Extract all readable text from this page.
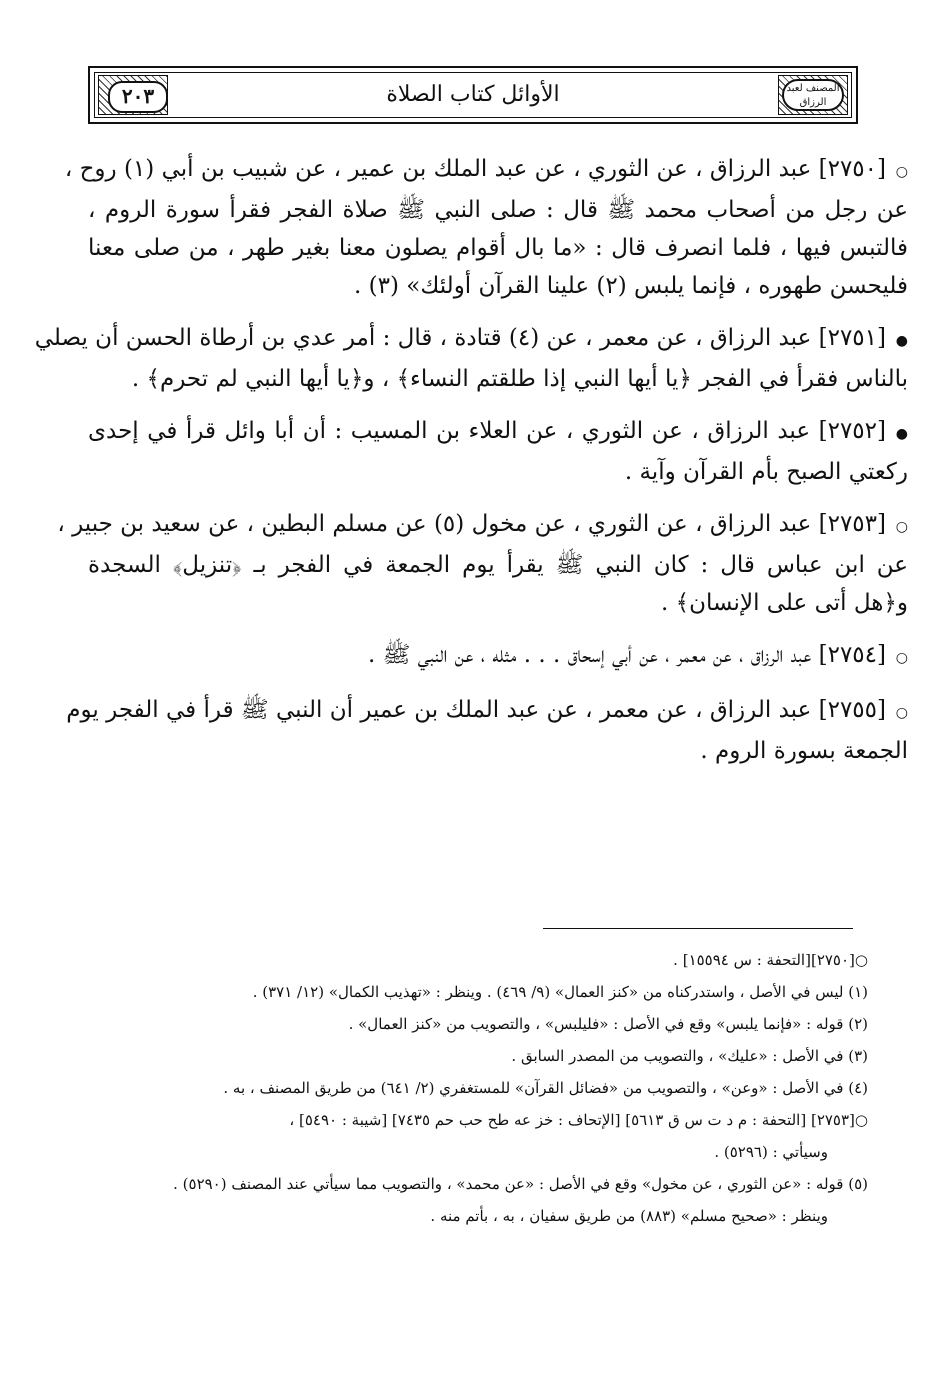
٢٠٣	الأوائل كتاب الصلاة	المصنف لعبد الرزاق
○[٢٧٥٠] عبد الرزاق ، عن الثوري ، عن عبد الملك بن عمير ، عن شبيب بن أبي (١) روح ،
عن رجل من أصحاب محمد ﷺ قال : صلى النبي ﷺ صلاة الفجر فقرأ سورة الروم ،
فالتبس فيها ، فلما انصرف قال : «ما بال أقوام يصلون معنا بغير طهر ، من صلى معنا
فليحسن طهوره ، فإنما يلبس (٢) علينا القرآن أولئك» (٣) .
●[٢٧٥١] عبد الرزاق ، عن معمر ، عن (٤) قتادة ، قال : أمر عدي بن أرطاة الحسن أن يصلي
بالناس فقرأ في الفجر ﴿يا أيها النبي إذا طلقتم النساء﴾ ، و﴿يا أيها النبي لم تحرم﴾ .
●[٢٧٥٢] عبد الرزاق ، عن الثوري ، عن العلاء بن المسيب : أن أبا وائل قرأ في إحدى
ركعتي الصبح بأم القرآن وآية .
○[٢٧٥٣] عبد الرزاق ، عن الثوري ، عن مخول (٥) عن مسلم البطين ، عن سعيد بن جبير ،
عن ابن عباس قال : كان النبي ﷺ يقرأ يوم الجمعة في الفجر بـ ﴿تنزيل﴾ السجدة
و﴿هل أتى على الإنسان﴾ .
○[٢٧٥٤] عبد الرزاق ، عن معمر ، عن أبي إسحاق . . . مثله ، عن النبي ﷺ .
○[٢٧٥٥] عبد الرزاق ، عن معمر ، عن عبد الملك بن عمير أن النبي ﷺ قرأ في الفجر يوم
الجمعة بسورة الروم .
○[٢٧٥٠][التحفة : س ١٥٥٩٤] .
(١) ليس في الأصل ، واستدركناه من «كنز العمال» (٩/ ٤٦٩) . وينظر : «تهذيب الكمال» (١٢/ ٣٧١) .
(٢) قوله : «فإنما يلبس» وقع في الأصل : «فليلبس» ، والتصويب من «كنز العمال» .
(٣) في الأصل : «عليك» ، والتصويب من المصدر السابق .
(٤) في الأصل : «وعن» ، والتصويب من «فضائل القرآن» للمستغفري (٢/ ٦٤١) من طريق المصنف ، به .
○[٢٧٥٣] [التحفة : م د ت س ق ٥٦١٣] [الإتحاف : خز عه طح حب حم ٧٤٣٥] [شيبة : ٥٤٩٠] ،
وسيأتي : (٥٢٩٦) .
(٥) قوله : «عن الثوري ، عن مخول» وقع في الأصل : «عن محمد» ، والتصويب مما سيأتي عند المصنف (٥٢٩٠) .
وينظر : «صحيح مسلم» (٨٨٣) من طريق سفيان ، به ، بأتم منه .
